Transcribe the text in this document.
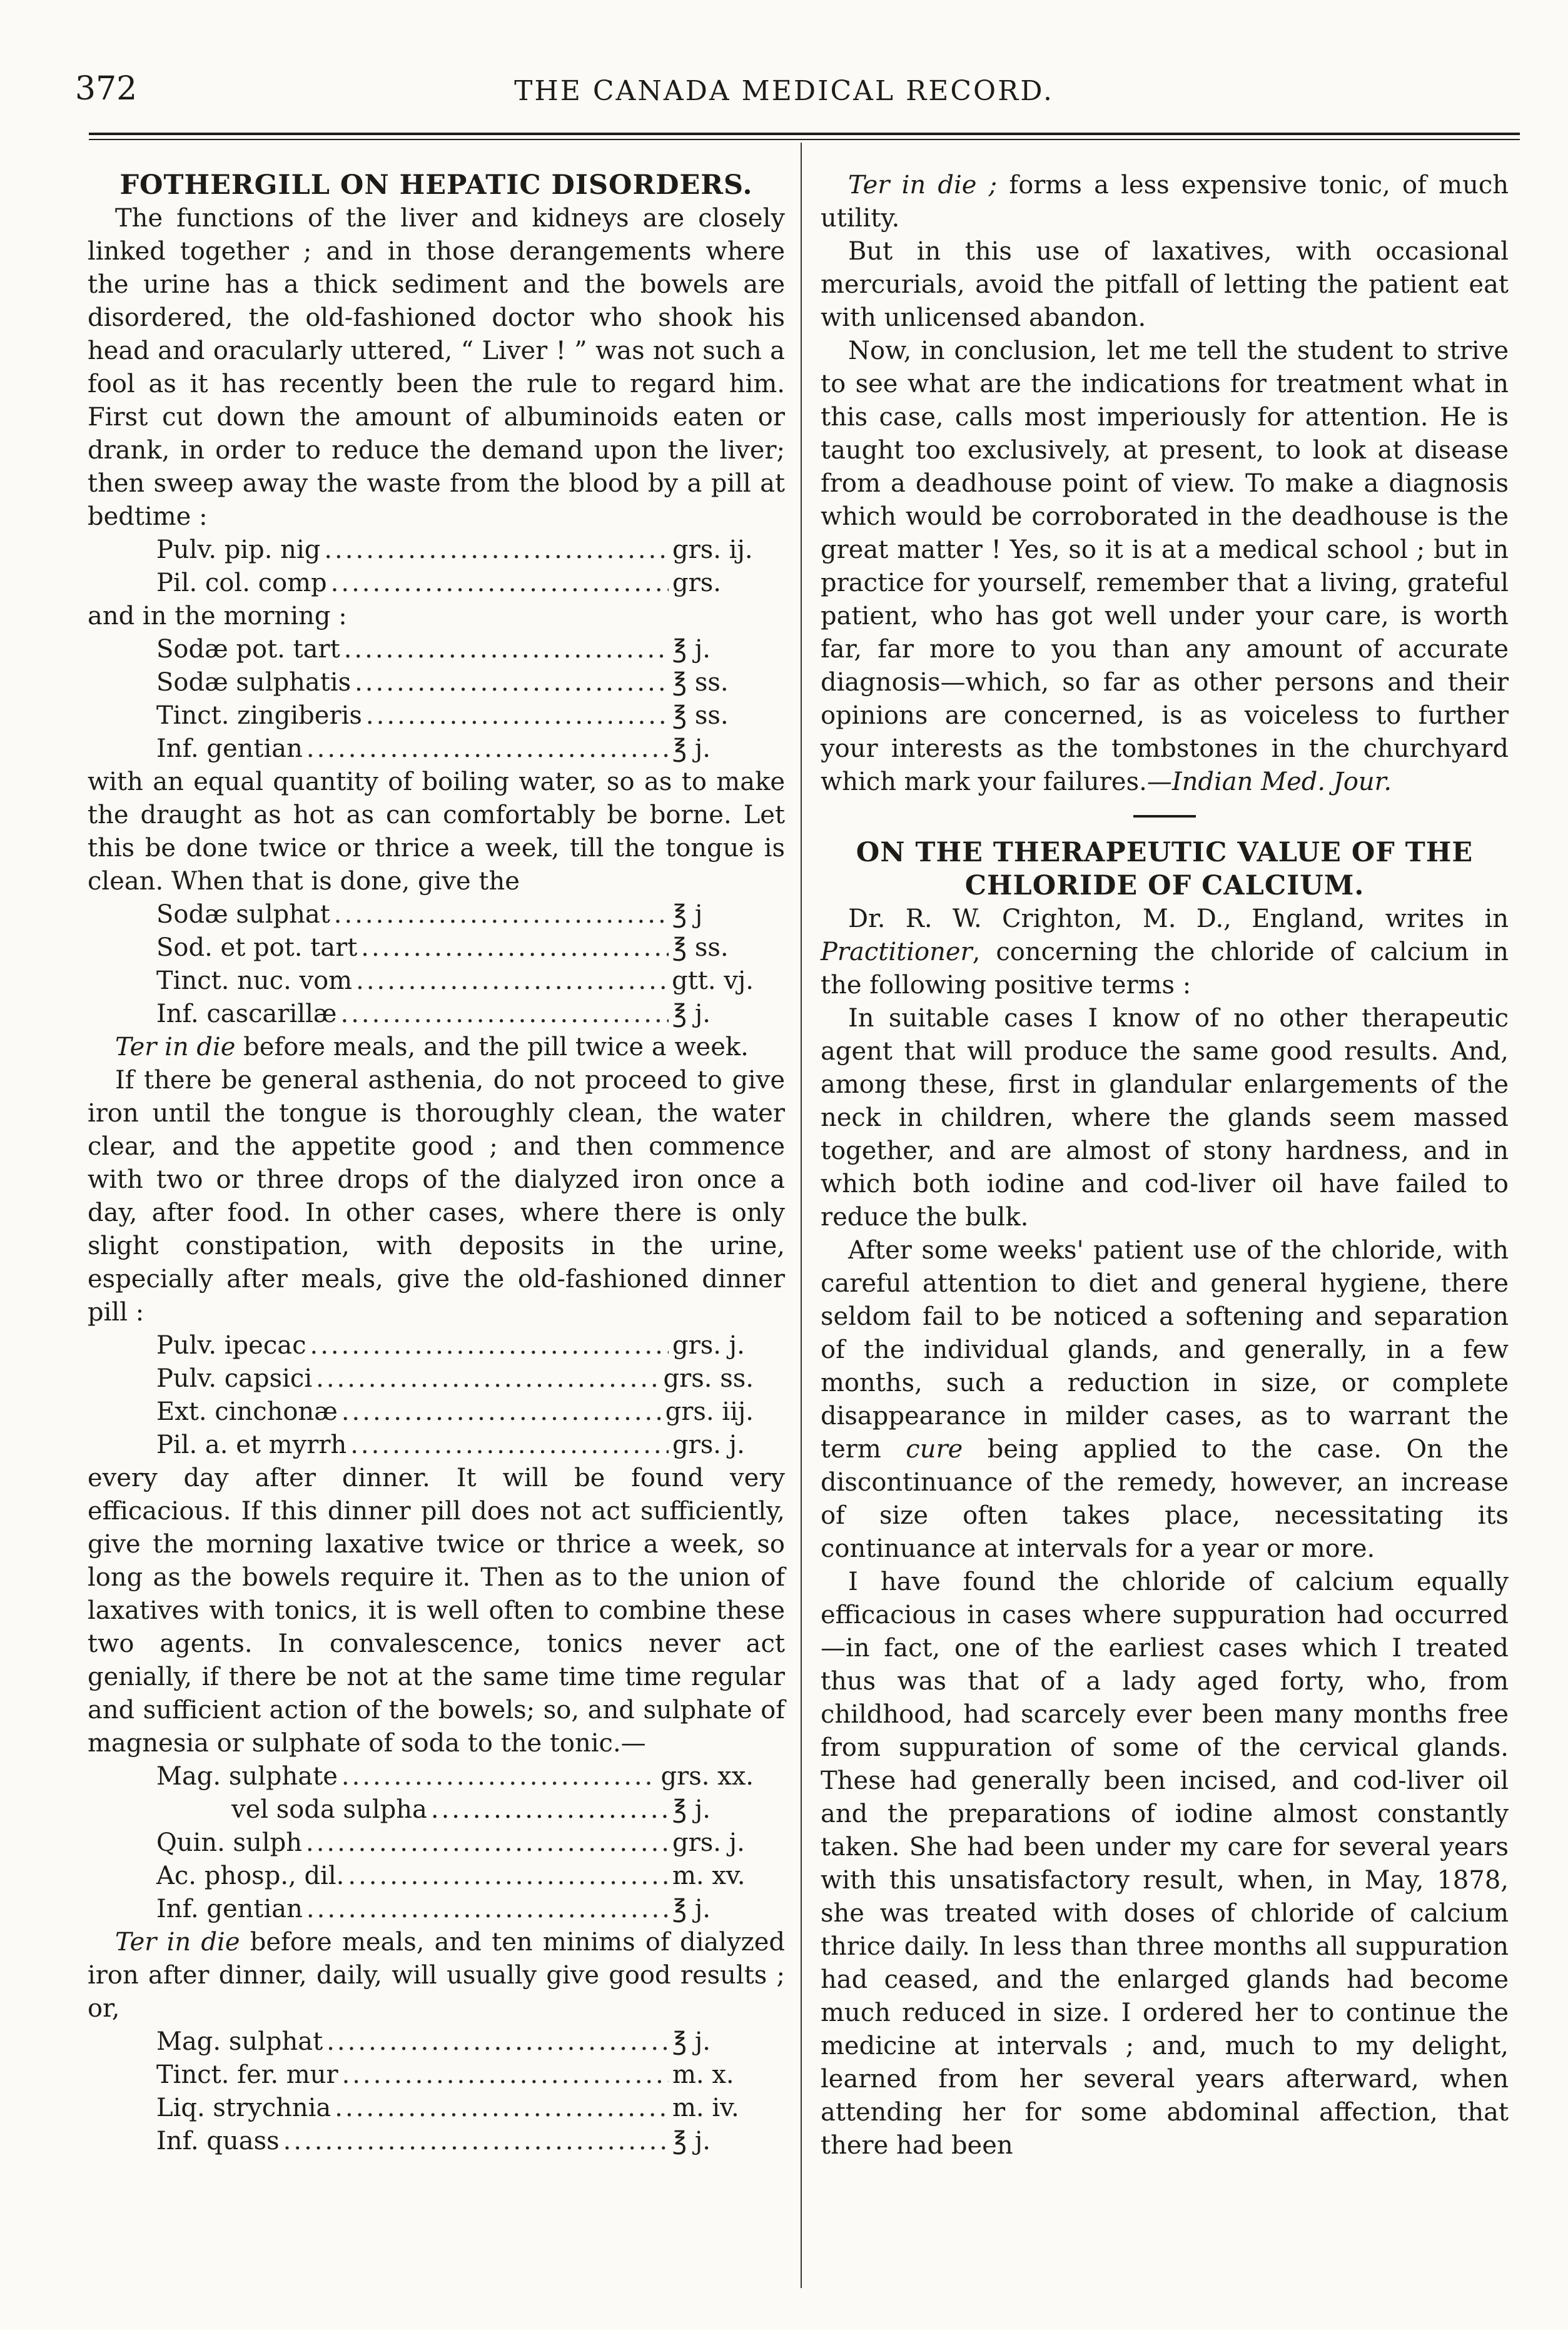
372	THE CANADA MEDICAL RECORD.
FOTHERGILL ON HEPATIC DISORDERS.

The functions of the liver and kidneys are closely linked together ; and in those derangements where the urine has a thick sediment and the bowels are disordered, the old-fashioned doctor who shook his head and oracularly uttered, “ Liver ! ” was not such a fool as it has recently been the rule to regard him. First cut down the amount of albuminoids eaten or drank, in order to reduce the demand upon the liver; then sweep away the waste from the blood by a pill at bedtime :

Pulv. pip. nig .....	grs. ij.
Pil. col. comp .....	grs.

and in the morning :

Sodæ pot. tart .....	℥ j.
Sodæ sulphatis .....	℥ ss.
Tinct. zingiberis .....	℥ ss.
Inf. gentian .....	℥ j.

with an equal quantity of boiling water, so as to make the draught as hot as can comfortably be borne. Let this be done twice or thrice a week, till the tongue is clean. When that is done, give the

Sodæ sulphat .....	℥ j
Sod. et pot. tart .....	℥ ss.
Tinct. nuc. vom .....	gtt. vj.
Inf. cascarillæ .....	℥ j.

Ter in die before meals, and the pill twice a week.

If there be general asthenia, do not proceed to give iron until the tongue is thoroughly clean, the water clear, and the appetite good ; and then commence with two or three drops of the dialyzed iron once a day, after food. In other cases, where there is only slight constipation, with deposits in the urine, especially after meals, give the old-fashioned dinner pill :

Pulv. ipecac .....	grs. j.
Pulv. capsici .....	grs. ss.
Ext. cinchonæ .....	grs. iij.
Pil. a. et myrrh .....	grs. j.

every day after dinner. It will be found very efficacious. If this dinner pill does not act sufficiently, give the morning laxative twice or thrice a week, so long as the bowels require it. Then as to the union of laxatives with tonics, it is well often to combine these two agents. In convalescence, tonics never act genially, if there be not at the same time time regular and sufficient action of the bowels; so, and sulphate of magnesia or sulphate of soda to the tonic.—

Mag. sulphate .....	grs. xx.
vel soda sulpha .....	℥ j.
Quin. sulph .....	grs. j.
Ac. phosp., dil. .....	m. xv.
Inf. gentian .....	℥ j.

Ter in die before meals, and ten minims of dialyzed iron after dinner, daily, will usually give good results ; or,

Mag. sulphat .....	℥ j.
Tinct. fer. mur .....	m. x.
Liq. strychnia .....	m. iv.
Inf. quass .....	℥ j.

Ter in die ; forms a less expensive tonic, of much utility.

But in this use of laxatives, with occasional mercurials, avoid the pitfall of letting the patient eat with unlicensed abandon.

Now, in conclusion, let me tell the student to strive to see what are the indications for treatment what in this case, calls most imperiously for attention. He is taught too exclusively, at present, to look at disease from a deadhouse point of view. To make a diagnosis which would be corroborated in the deadhouse is the great matter ! Yes, so it is at a medical school ; but in practice for yourself, remember that a living, grateful patient, who has got well under your care, is worth far, far more to you than any amount of accurate diagnosis—which, so far as other persons and their opinions are concerned, is as voiceless to further your interests as the tombstones in the churchyard which mark your failures.—Indian Med. Jour.

ON THE THERAPEUTIC VALUE OF THE
CHLORIDE OF CALCIUM.

Dr. R. W. Crighton, M. D., England, writes in Practitioner, concerning the chloride of calcium in the following positive terms :

In suitable cases I know of no other therapeutic agent that will produce the same good results. And, among these, first in glandular enlargements of the neck in children, where the glands seem massed together, and are almost of stony hardness, and in which both iodine and cod-liver oil have failed to reduce the bulk.

After some weeks' patient use of the chloride, with careful attention to diet and general hygiene, there seldom fail to be noticed a softening and separation of the individual glands, and generally, in a few months, such a reduction in size, or complete disappearance in milder cases, as to warrant the term cure being applied to the case. On the discontinuance of the remedy, however, an increase of size often takes place, necessitating its continuance at intervals for a year or more.

I have found the chloride of calcium equally efficacious in cases where suppuration had occurred—in fact, one of the earliest cases which I treated thus was that of a lady aged forty, who, from childhood, had scarcely ever been many months free from suppuration of some of the cervical glands. These had generally been incised, and cod-liver oil and the preparations of iodine almost constantly taken. She had been under my care for several years with this unsatisfactory result, when, in May, 1878, she was treated with doses of chloride of calcium thrice daily. In less than three months all suppuration had ceased, and the enlarged glands had become much reduced in size. I ordered her to continue the medicine at intervals ; and, much to my delight, learned from her several years afterward, when attending her for some abdominal affection, that there had been
